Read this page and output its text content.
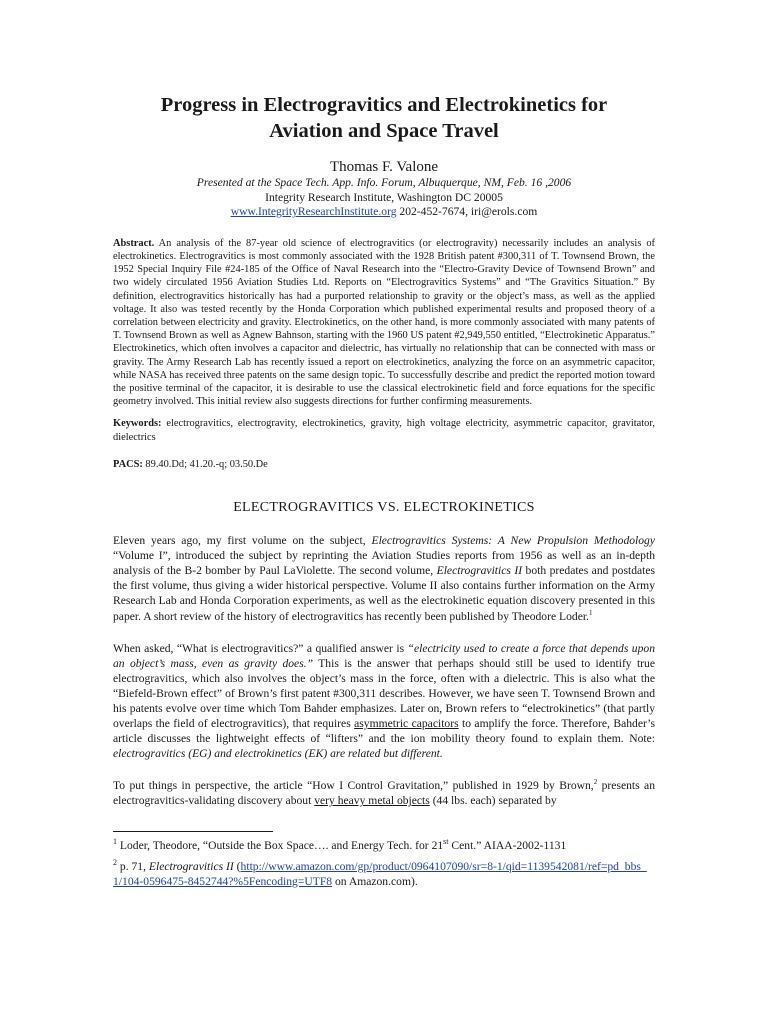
Progress in Electrogravitics and Electrokinetics for
Aviation and Space Travel
Thomas F. Valone
Presented at the Space Tech. App. Info. Forum, Albuquerque, NM, Feb. 16 ,2006
Integrity Research Institute, Washington DC 20005
www.IntegrityResearchInstitute.org 202-452-7674, iri@erols.com
Abstract. An analysis of the 87-year old science of electrogravitics (or electrogravity) necessarily includes an analysis of electrokinetics. Electrogravitics is most commonly associated with the 1928 British patent #300,311 of T. Townsend Brown, the 1952 Special Inquiry File #24-185 of the Office of Naval Research into the “Electro-Gravity Device of Townsend Brown” and two widely circulated 1956 Aviation Studies Ltd. Reports on “Electrogravitics Systems” and “The Gravitics Situation.” By definition, electrogravitics historically has had a purported relationship to gravity or the object’s mass, as well as the applied voltage. It also was tested recently by the Honda Corporation which published experimental results and proposed theory of a correlation between electricity and gravity. Electrokinetics, on the other hand, is more commonly associated with many patents of T. Townsend Brown as well as Agnew Bahnson, starting with the 1960 US patent #2,949,550 entitled, “Electrokinetic Apparatus.” Electrokinetics, which often involves a capacitor and dielectric, has virtually no relationship that can be connected with mass or gravity. The Army Research Lab has recently issued a report on electrokinetics, analyzing the force on an asymmetric capacitor, while NASA has received three patents on the same design topic. To successfully describe and predict the reported motion toward the positive terminal of the capacitor, it is desirable to use the classical electrokinetic field and force equations for the specific geometry involved. This initial review also suggests directions for further confirming measurements.
Keywords: electrogravitics, electrogravity, electrokinetics, gravity, high voltage electricity, asymmetric capacitor, gravitator, dielectrics
PACS: 89.40.Dd; 41.20.-q; 03.50.De
ELECTROGRAVITICS VS. ELECTROKINETICS
Eleven years ago, my first volume on the subject, Electrogravitics Systems: A New Propulsion Methodology “Volume I”, introduced the subject by reprinting the Aviation Studies reports from 1956 as well as an in-depth analysis of the B-2 bomber by Paul LaViolette. The second volume, Electrogravitics II both predates and postdates the first volume, thus giving a wider historical perspective. Volume II also contains further information on the Army Research Lab and Honda Corporation experiments, as well as the electrokinetic equation discovery presented in this paper. A short review of the history of electrogravitics has recently been published by Theodore Loder.$^1$
When asked, “What is electrogravitics?” a qualified answer is “electricity used to create a force that depends upon an object’s mass, even as gravity does.” This is the answer that perhaps should still be used to identify true electrogravitics, which also involves the object’s mass in the force, often with a dielectric. This is also what the “Biefeld-Brown effect” of Brown’s first patent #300,311 describes. However, we have seen T. Townsend Brown and his patents evolve over time which Tom Bahder emphasizes. Later on, Brown refers to “electrokinetics” (that partly overlaps the field of electrogravitics), that requires asymmetric capacitors to amplify the force. Therefore, Bahder’s article discusses the lightweight effects of “lifters” and the ion mobility theory found to explain them. Note: electrogravitics (EG) and electrokinetics (EK) are related but different.
To put things in perspective, the article “How I Control Gravitation,” published in 1929 by Brown,$^2$ presents an electrogravitics-validating discovery about very heavy metal objects (44 lbs. each) separated by
$^1$ Loder, Theodore, “Outside the Box Space…. and Energy Tech. for 21st Cent.” AIAA-2002-1131
$^2$ p. 71, Electrogravitics II (http://www.amazon.com/gp/product/0964107090/sr=8-1/qid=1139542081/ref=pd_bbs_1/104-0596475-8452744?%5Fencoding=UTF8 on Amazon.com).
